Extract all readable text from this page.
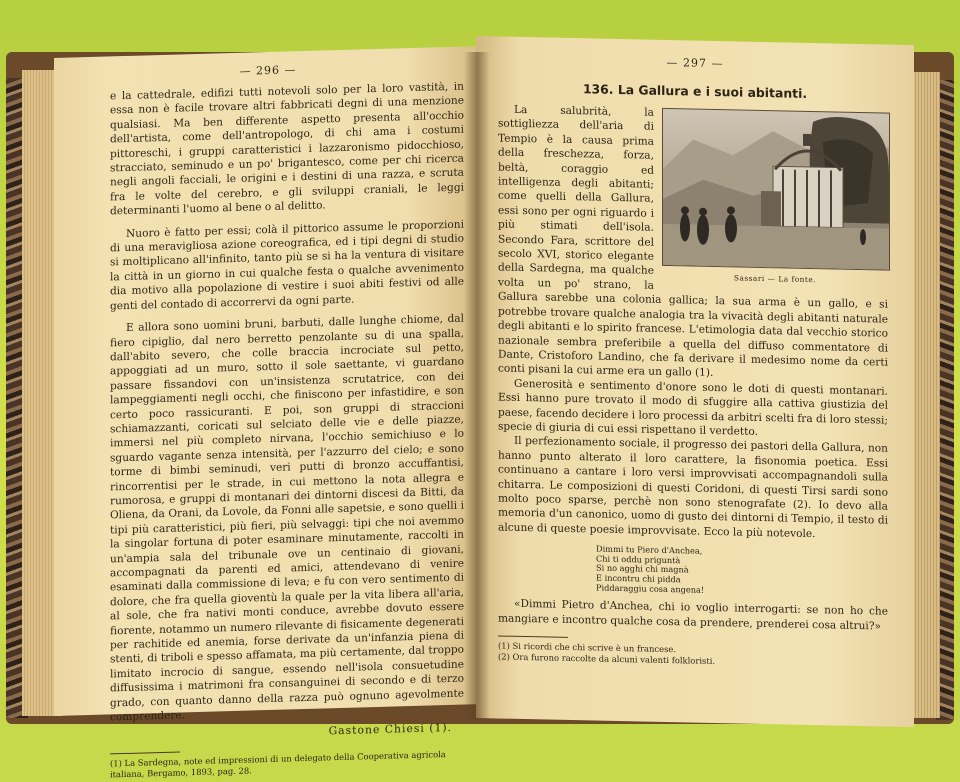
— 296 —

e la cattedrale, edifizi tutti notevoli solo per la loro vastità, in essa non è facile trovare altri fabbricati degni di una menzione qualsiasi. Ma ben differente aspetto presenta all'occhio dell'artista, come dell'antropologo, di chi ama i costumi pittoreschi, i gruppi caratteristici i lazzaronismo pidocchioso, stracciato, seminudo e un po' brigantesco, come per chi ricerca negli angoli facciali, le origini e i destini di una razza, e scruta fra le volte del cerebro, e gli sviluppi craniali, le leggi determinanti l'uomo al bene o al delitto.

Nuoro è fatto per essi; colà il pittorico assume le proporzioni di una meravigliosa azione coreografica, ed i tipi degni di studio si moltiplicano all'infinito, tanto più se si ha la ventura di visitare la città in un giorno in cui qualche festa o qualche avvenimento dia motivo alla popolazione di vestire i suoi abiti festivi od alle genti del contado di accorrervi da ogni parte.

E allora sono uomini bruni, barbuti, dalle lunghe chiome, dal fiero cipiglio, dal nero berretto penzolante su di una spalla, dall'abito severo, che colle braccia incrociate sul petto, appoggiati ad un muro, sotto il sole saettante, vi guardano passare fissandovi con un'insistenza scrutatrice, con dei lampeggiamenti negli occhi, che finiscono per infastidire, e son certo poco rassicuranti. E poi, son gruppi di straccioni schiamazzanti, coricati sul selciato delle vie e delle piazze, immersi nel più completo nirvana, l'occhio semichiuso e lo sguardo vagante senza intensità, per l'azzurro del cielo; e sono torme di bimbi seminudi, veri putti di bronzo accuffantisi, rincorrentisi per le strade, in cui mettono la nota allegra e rumorosa, e gruppi di montanari dei dintorni discesi da Bitti, da Oliena, da Orani, da Lovole, da Fonni alle sapetsie, e sono quelli i tipi più caratteristici, più fieri, più selvaggi: tipi che noi avemmo la singolar fortuna di poter esaminare minutamente, raccolti in un'ampia sala del tribunale ove un centinaio di giovani, accompagnati da parenti ed amici, attendevano di venire esaminati dalla commissione di leva; e fu con vero sentimento di dolore, che fra quella gioventù la quale per la vita libera all'aria, al sole, che fra nativi monti conduce, avrebbe dovuto essere fiorente, notammo un numero rilevante di fisicamente degenerati per rachitide ed anemia, forse derivate da un'infanzia piena di stenti, di triboli e spesso affamata, ma più certamente, dal troppo limitato incrocio di sangue, essendo nell'isola consuetudine diffusissima i matrimoni fra consanguinei di secondo e di terzo grado, con quanto danno della razza può ognuno agevolmente comprendere.

Gastone Chiesi (1).

(1) La Sardegna, note ed impressioni di un delegato della Cooperativa agricola italiana, Bergamo, 1893, pag. 28.

— 297 —

136. La Gallura e i suoi abitanti.

Sassari — La fonte.

La salubrità, la sottigliezza dell'aria di Tempio è la causa prima della freschezza, forza, beltà, coraggio ed intelligenza degli abitanti; come quelli della Gallura, essi sono per ogni riguardo i più stimati dell'isola. Secondo Fara, scrittore del secolo XVI, storico elegante della Sardegna, ma qualche volta un po' strano, la Gallura sarebbe una colonia gallica; la sua arma è un gallo, e si potrebbe trovare qualche analogia tra la vivacità degli abitanti naturale degli abitanti e lo spirito francese. L'etimologia data dal vecchio storico nazionale sembra preferibile a quella del diffuso commentatore di Dante, Cristoforo Landino, che fa derivare il medesimo nome da certi conti pisani la cui arme era un gallo (1).

Generosità e sentimento d'onore sono le doti di questi montanari. Essi hanno pure trovato il modo di sfuggire alla cattiva giustizia del paese, facendo decidere i loro processi da arbitri scelti fra di loro stessi; specie di giuria di cui essi rispettano il verdetto.

Il perfezionamento sociale, il progresso dei pastori della Gallura, non hanno punto alterato il loro carattere, la fisonomia poetica. Essi continuano a cantare i loro versi improvvisati accompagnandoli sulla chitarra. Le composizioni di questi Coridoni, di questi Tirsi sardi sono molto poco sparse, perchè non sono stenografate (2). Io devo alla memoria d'un canonico, uomo di gusto dei dintorni di Tempio, il testo di alcune di queste poesie improvvisate. Ecco la più notevole.

Dimmi tu Piero d'Anchea,
Chi ti oddu priguntà
Si no agghi chi magnà
E incontru chi pidda
Piddaraggiu cosa angena!

«Dimmi Pietro d'Anchea, chi io voglio interrogarti: se non ho che mangiare e incontro qualche cosa da prendere, prenderei cosa altrui?»

(1) Si ricordi che chi scrive è un francese.

(2) Ora furono raccolte da alcuni valenti folkloristi.
